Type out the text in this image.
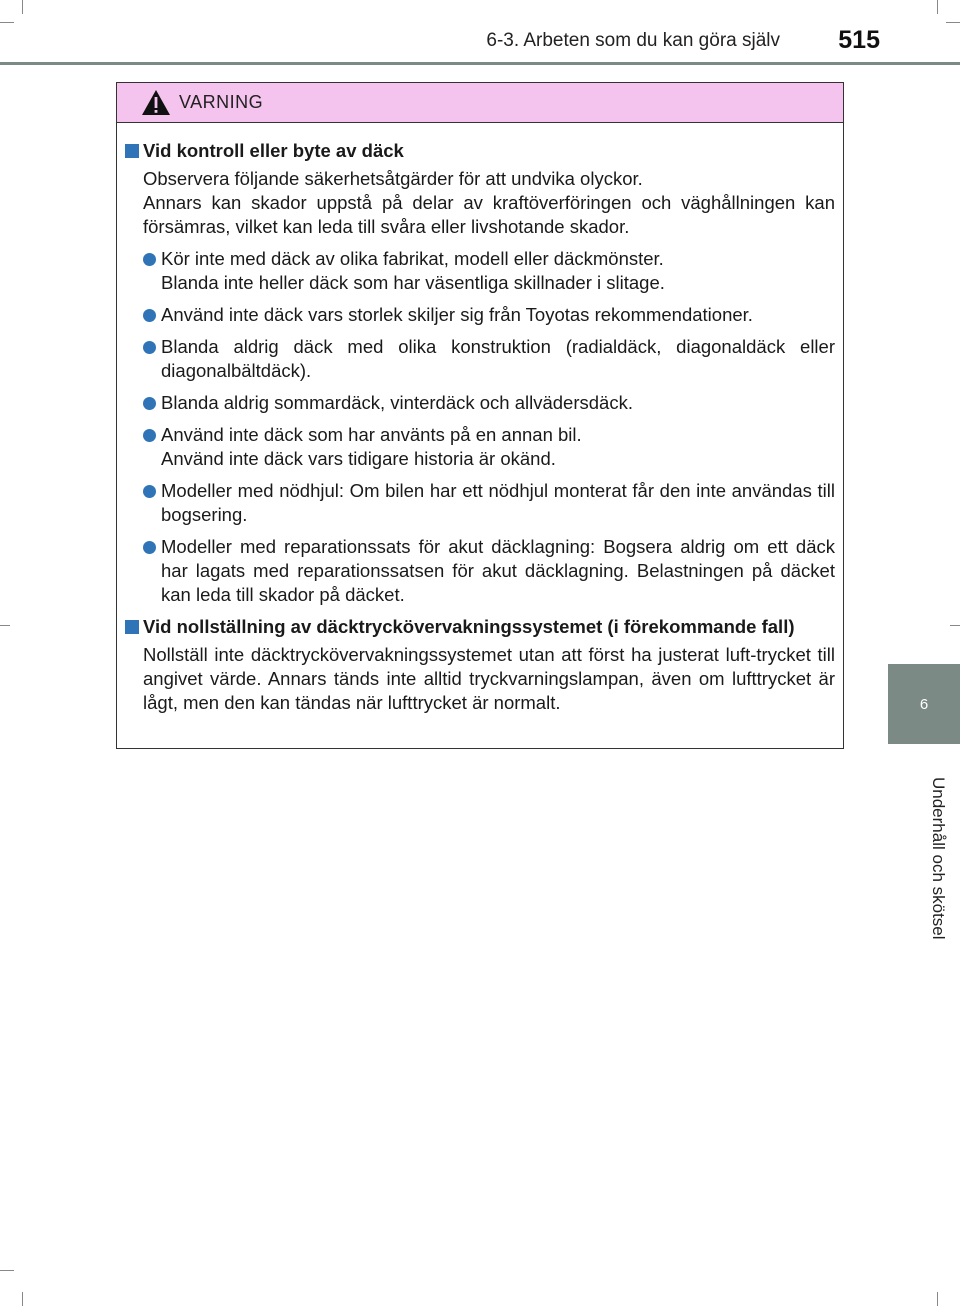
6-3. Arbeten som du kan göra själv	515
6
Underhåll och skötsel
VARNING
Vid kontroll eller byte av däck
Observera följande säkerhetsåtgärder för att undvika olyckor.
Annars kan skador uppstå på delar av kraftöverföringen och väghållningen kan försämras, vilket kan leda till svåra eller livshotande skador.
Kör inte med däck av olika fabrikat, modell eller däckmönster.
Blanda inte heller däck som har väsentliga skillnader i slitage.
Använd inte däck vars storlek skiljer sig från Toyotas rekommendationer.
Blanda aldrig däck med olika konstruktion (radialdäck, diagonaldäck eller diagonalbältdäck).
Blanda aldrig sommardäck, vinterdäck och allvädersdäck.
Använd inte däck som har använts på en annan bil.
Använd inte däck vars tidigare historia är okänd.
Modeller med nödhjul: Om bilen har ett nödhjul monterat får den inte användas till bogsering.
Modeller med reparationssats för akut däcklagning: Bogsera aldrig om ett däck har lagats med reparationssatsen för akut däcklagning. Belastningen på däcket kan leda till skador på däcket.
Vid nollställning av däcktryckövervakningssystemet (i förekommande fall)
Nollställ inte däcktryckövervakningssystemet utan att först ha justerat luft-trycket till angivet värde. Annars tänds inte alltid tryckvarningslampan, även om lufttrycket är lågt, men den kan tändas när lufttrycket är normalt.
